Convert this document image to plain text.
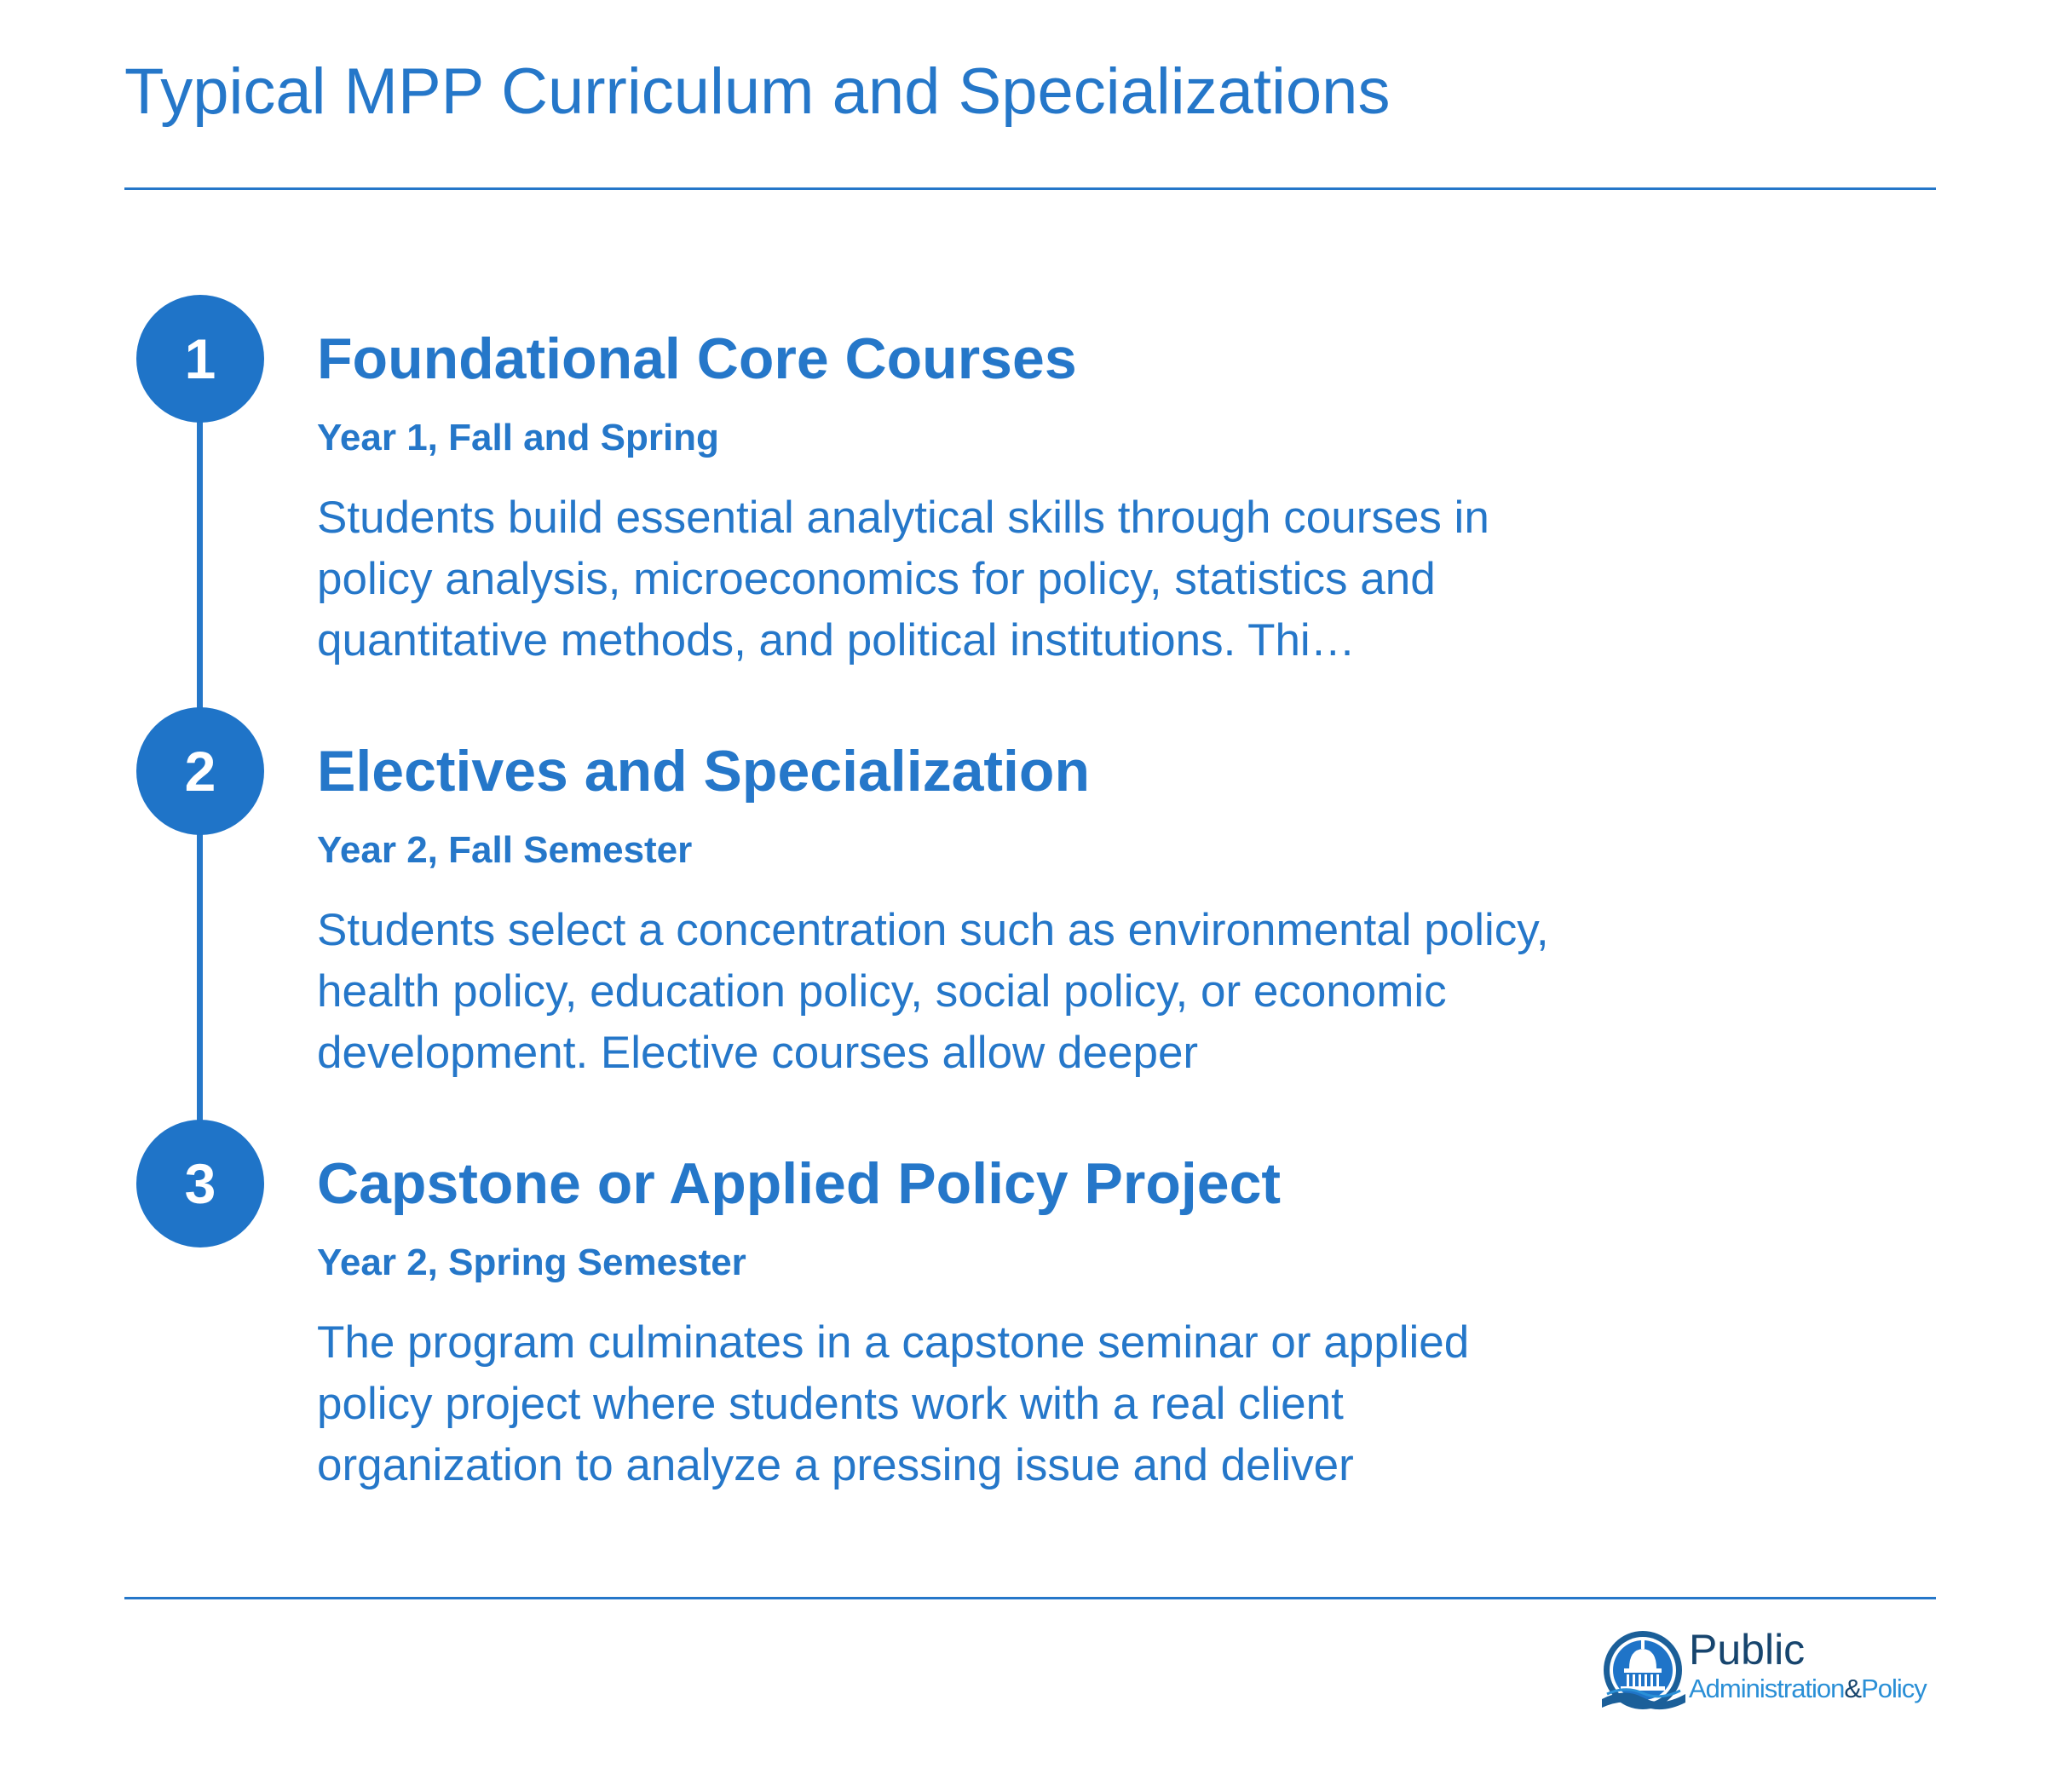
Typical MPP Curriculum and Specializations
1	Foundational Core Courses

Year 1, Fall and Spring

Students build essential analytical skills through courses in policy analysis, microeconomics for policy, statistics and quantitative methods, and political institutions. Thi…

2	Electives and Specialization

Year 2, Fall Semester

Students select a concentration such as environmental policy, health policy, education policy, social policy, or economic development. Elective courses allow deeper

3	Capstone or Applied Policy Project

Year 2, Spring Semester

The program culminates in a capstone seminar or applied policy project where students work with a real client organization to analyze a pressing issue and deliver

Public
Administration&Policy
